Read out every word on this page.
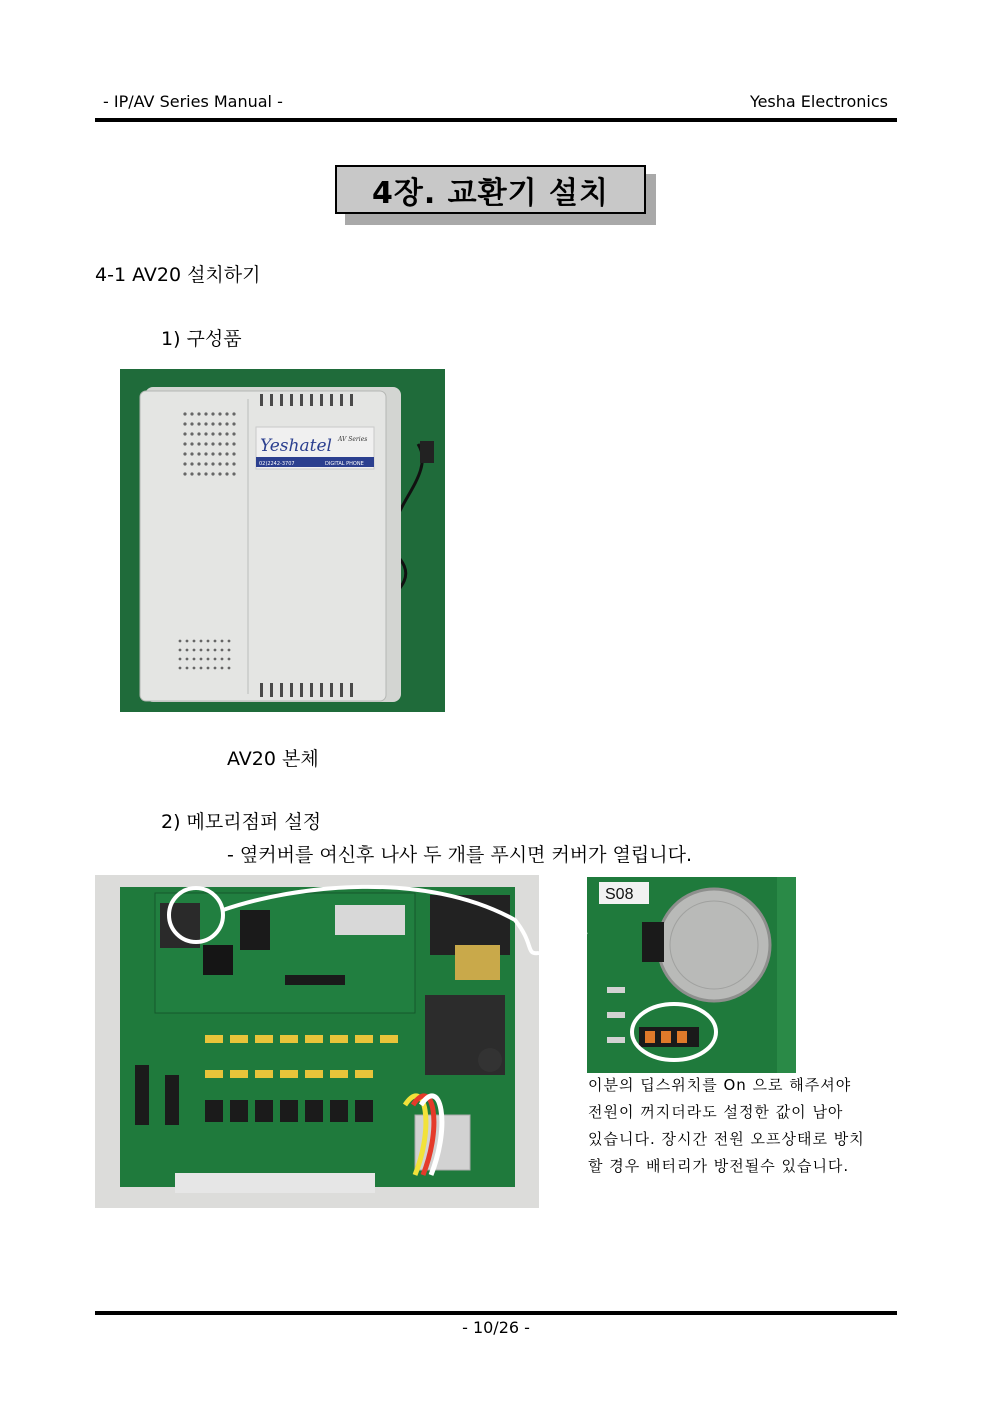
- IP/AV Series Manual -	Yesha Electronics
4장. 교환기 설치
4-1 AV20 설치하기
1) 구성품
Yeshatel AV Series
02)2242-3707	DIGITAL PHONE
AV20 본체
2) 메모리점퍼 설정
- 옆커버를 여신후 나사 두 개를 푸시면 커버가 열립니다.
S08
이분의 딥스위치를 On 으로 해주셔야
전원이 꺼지더라도 설정한 값이 남아
있습니다. 장시간 전원 오프상태로 방치
할 경우 배터리가 방전될수 있습니다.
- 10/26 -
